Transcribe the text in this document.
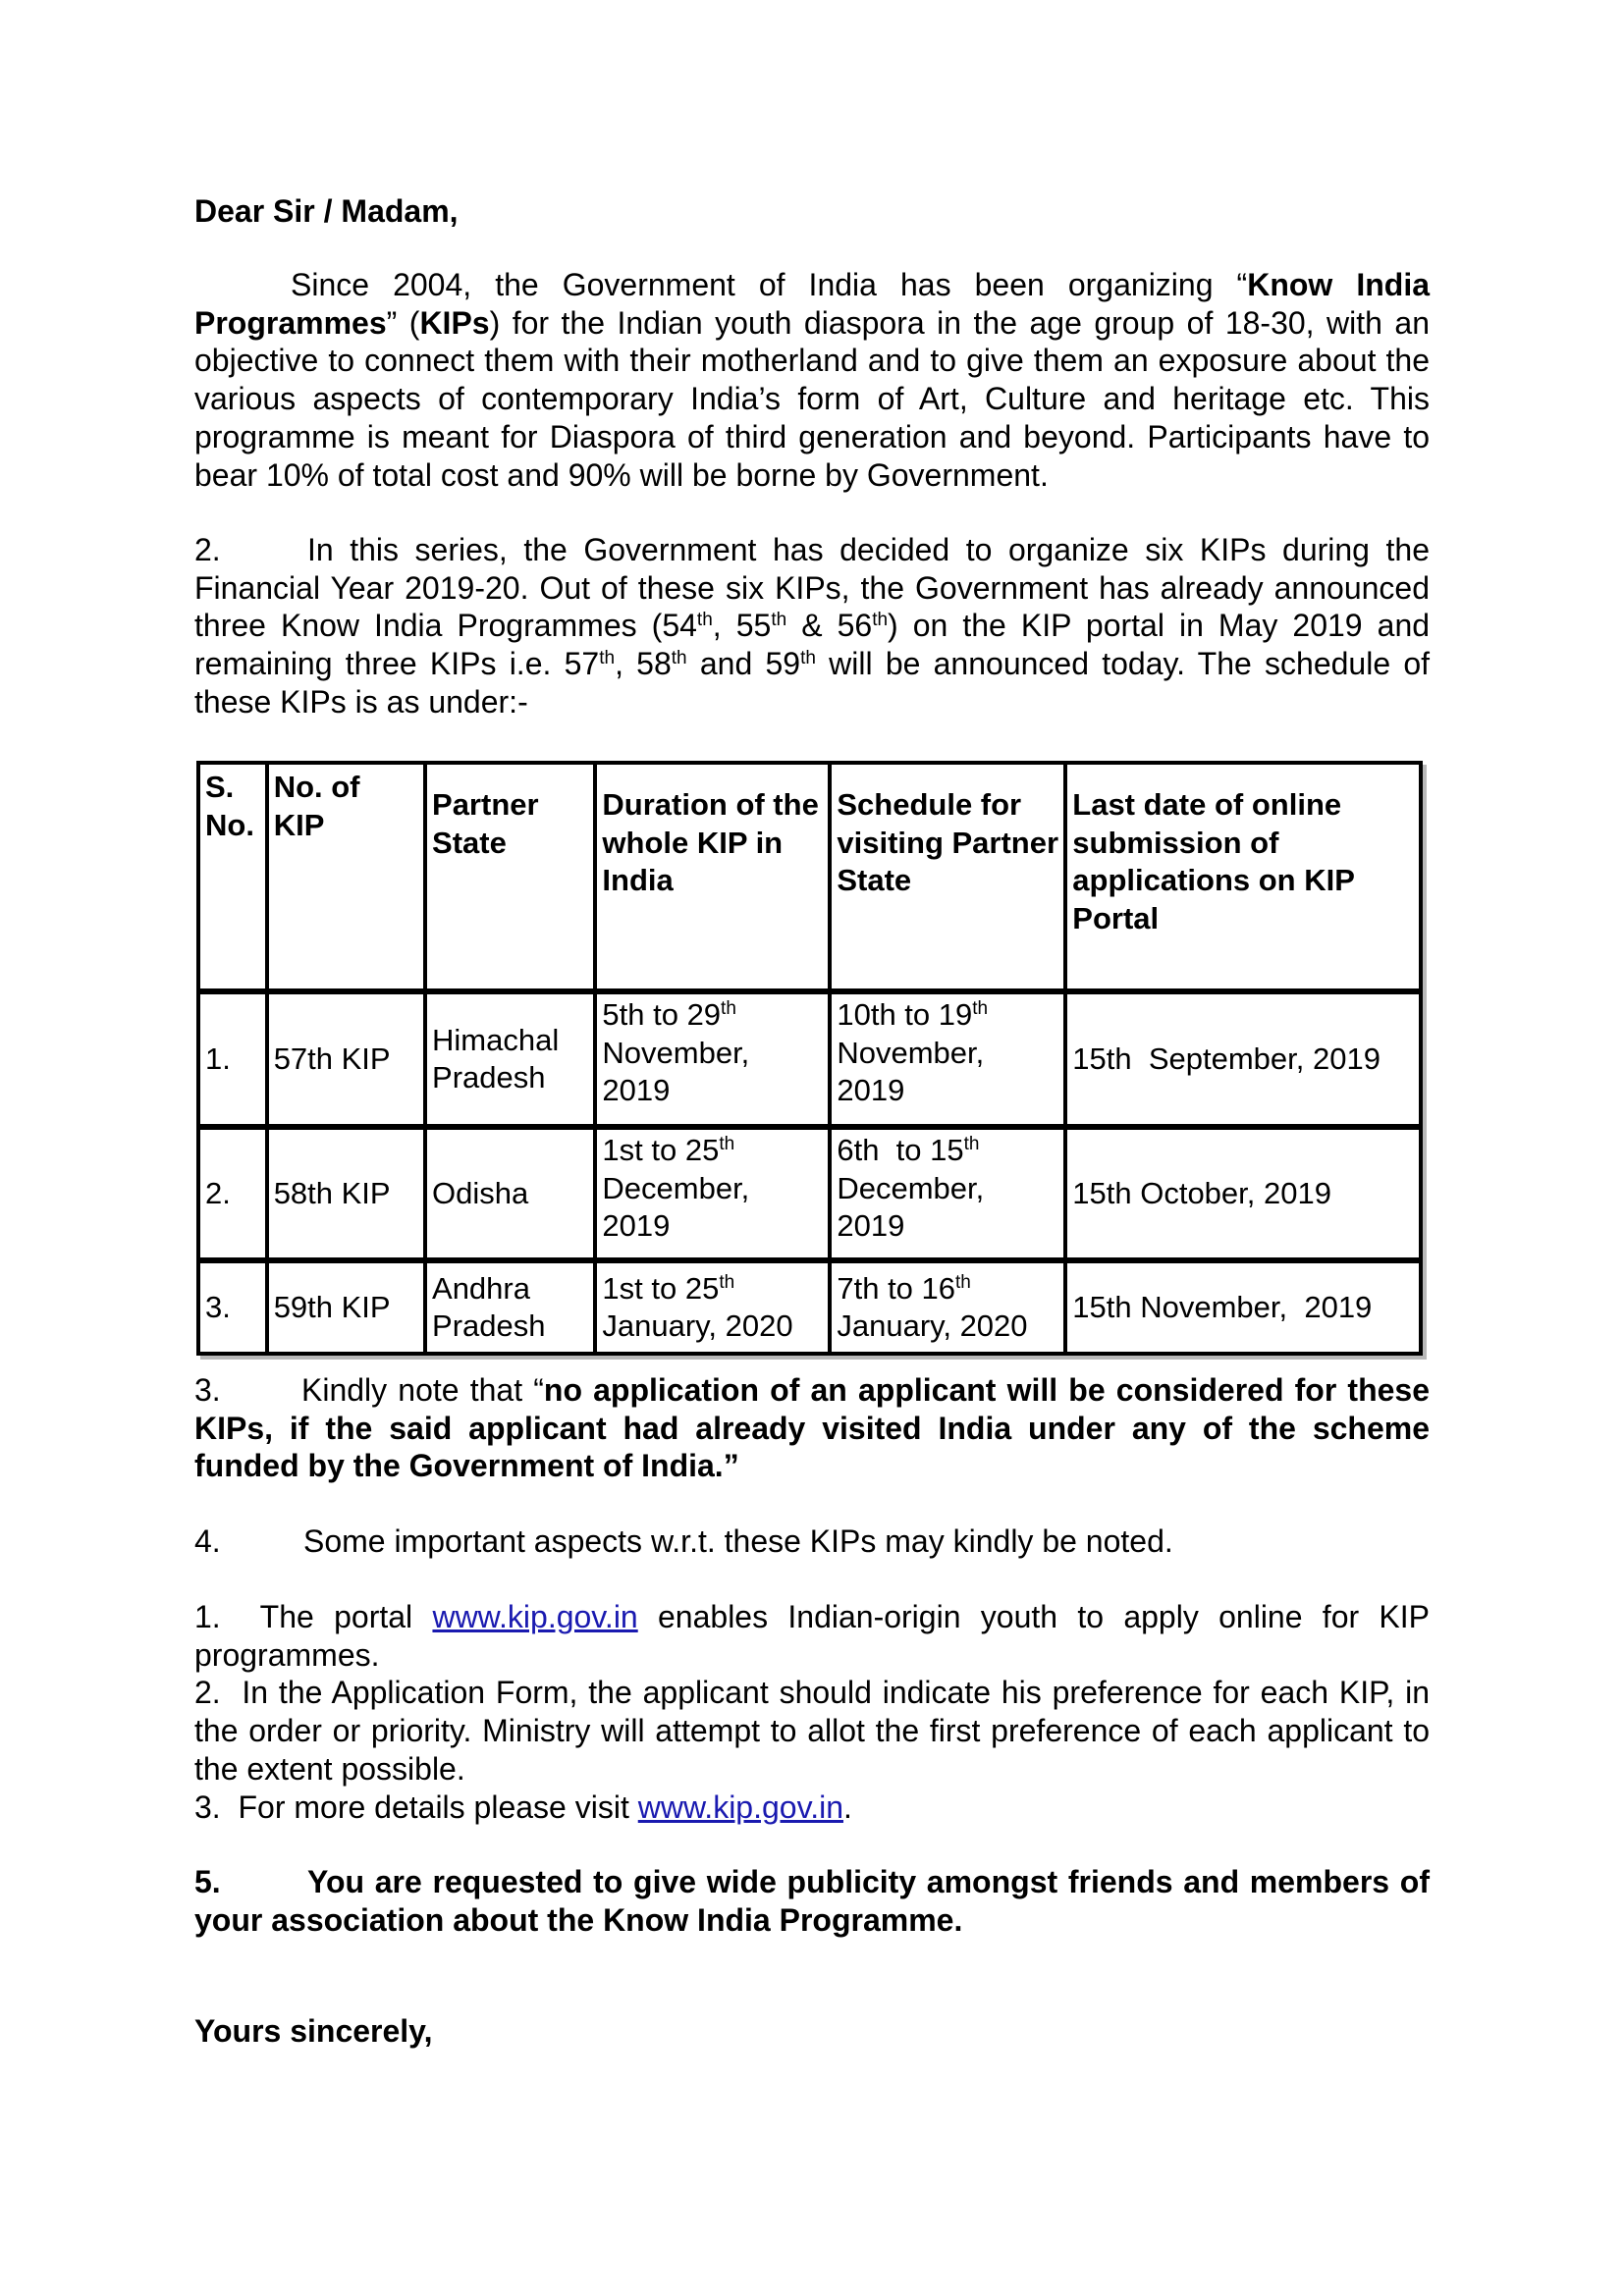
Dear Sir / Madam,
Since 2004, the Government of India has been organizing “Know India Programmes” (KIPs) for the Indian youth diaspora in the age group of 18-30, with an objective to connect them with their motherland and to give them an exposure about the various aspects of contemporary India’s form of Art, Culture and heritage etc. This programme is meant for Diaspora of third generation and beyond. Participants have to bear 10% of total cost and 90% will be borne by Government.
2.	In this series, the Government has decided to organize six KIPs during the Financial Year 2019-20. Out of these six KIPs, the Government has already announced three Know India Programmes (54th, 55th & 56th) on the KIP portal in May 2019 and remaining three KIPs i.e. 57th, 58th and 59th will be announced today. The schedule of these KIPs is as under:-
S. No.	No. of KIP	Partner State	Duration of the whole KIP in India	Schedule for visiting Partner State	Last date of online submission of applications on KIP Portal
1.	57th KIP	Himachal Pradesh	5th to 29th November, 2019	10th to 19th November, 2019	15th  September, 2019
2.	58th KIP	Odisha	1st to 25th December, 2019	6th  to 15th December, 2019	15th October, 2019
3.	59th KIP	Andhra Pradesh	1st to 25th January, 2020	7th to 16th January, 2020	15th November,  2019
3.	Kindly note that “no application of an applicant will be considered for these KIPs, if the said applicant had already visited India under any of the scheme funded by the Government of India.”
4.	Some important aspects w.r.t. these KIPs may kindly be noted.
1.  The portal www.kip.gov.in enables Indian-origin youth to apply online for KIP programmes.
2.  In the Application Form, the applicant should indicate his preference for each KIP, in the order or priority. Ministry will attempt to allot the first preference of each applicant to the extent possible.
3.  For more details please visit www.kip.gov.in.
5.	You are requested to give wide publicity amongst friends and members of your association about the Know India Programme.
Yours sincerely,
